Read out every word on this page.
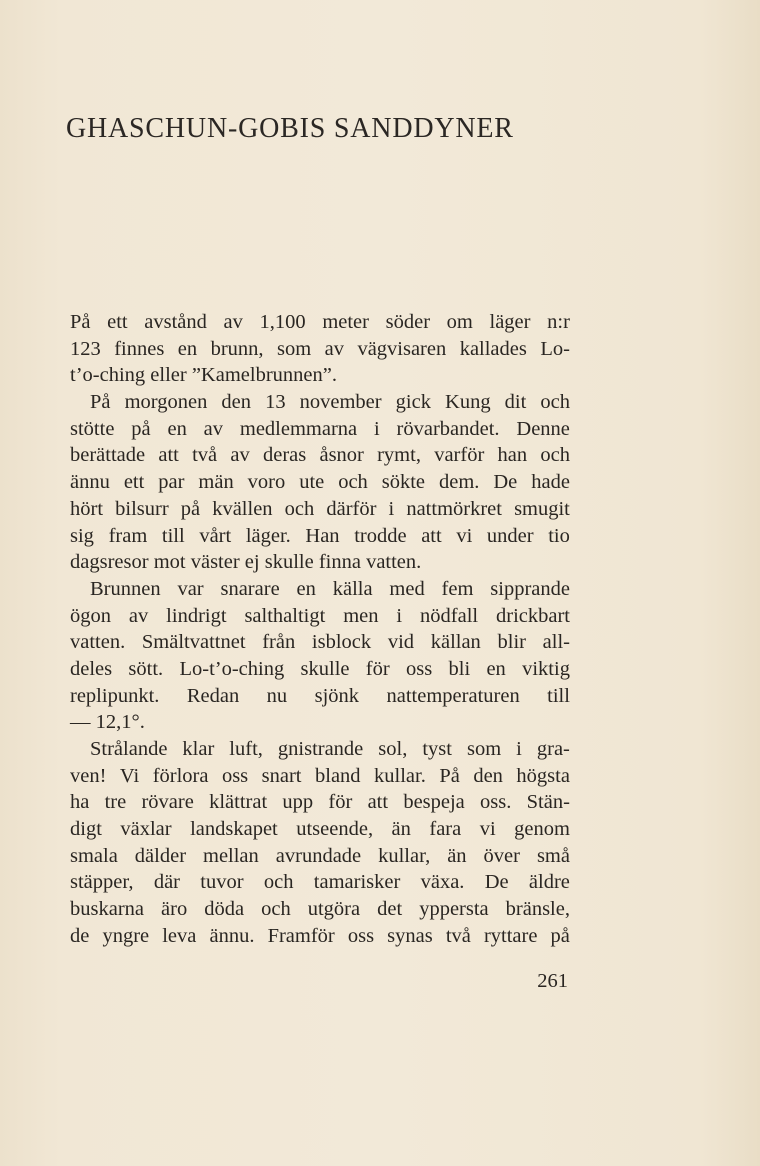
GHASCHUN-GOBIS SANDDYNER
På ett avstånd av 1,100 meter söder om läger n:r
123 finnes en brunn, som av vägvisaren kallades Lo-
t’o-ching eller ”Kamelbrunnen”.
På morgonen den 13 november gick Kung dit och
stötte på en av medlemmarna i rövarbandet. Denne
berättade att två av deras åsnor rymt, varför han och
ännu ett par män voro ute och sökte dem. De hade
hört bilsurr på kvällen och därför i nattmörkret smugit
sig fram till vårt läger. Han trodde att vi under tio
dagsresor mot väster ej skulle finna vatten.
Brunnen var snarare en källa med fem sipprande
ögon av lindrigt salthaltigt men i nödfall drickbart
vatten. Smältvattnet från isblock vid källan blir all-
deles sött. Lo-t’o-ching skulle för oss bli en viktig
replipunkt. Redan nu sjönk nattemperaturen till
— 12,1°.
Strålande klar luft, gnistrande sol, tyst som i gra-
ven! Vi förlora oss snart bland kullar. På den högsta
ha tre rövare klättrat upp för att bespeja oss. Stän-
digt växlar landskapet utseende, än fara vi genom
smala dälder mellan avrundade kullar, än över små
stäpper, där tuvor och tamarisker växa. De äldre
buskarna äro döda och utgöra det yppersta bränsle,
de yngre leva ännu. Framför oss synas två ryttare på
261
